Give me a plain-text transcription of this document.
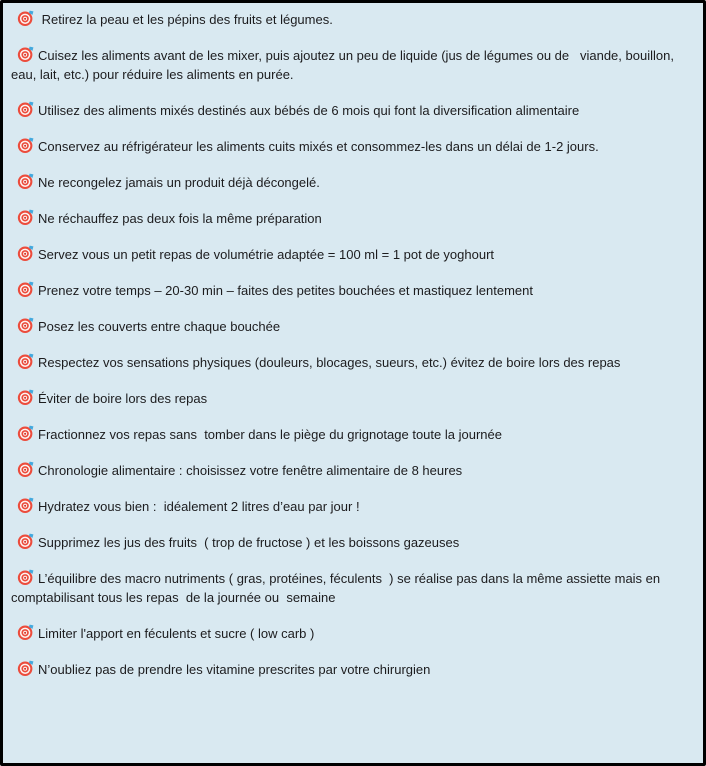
Retirez la peau et les pépins des fruits et légumes.

Cuisez les aliments avant de les mixer, puis ajoutez un peu de liquide (jus de légumes ou de   viande, bouillon, eau, lait, etc.) pour réduire les aliments en purée.

Utilisez des aliments mixés destinés aux bébés de 6 mois qui font la diversification alimentaire

Conservez au réfrigérateur les aliments cuits mixés et consommez-les dans un délai de 1-2 jours.

Ne recongelez jamais un produit déjà décongelé.

Ne réchauffez pas deux fois la même préparation

Servez vous un petit repas de volumétrie adaptée = 100 ml = 1 pot de yoghourt

Prenez votre temps – 20-30 min – faites des petites bouchées et mastiquez lentement

Posez les couverts entre chaque bouchée

Respectez vos sensations physiques (douleurs, blocages, sueurs, etc.) évitez de boire lors des repas

Éviter de boire lors des repas

Fractionnez vos repas sans  tomber dans le piège du grignotage toute la journée

Chronologie alimentaire : choisissez votre fenêtre alimentaire de 8 heures

Hydratez vous bien :  idéalement 2 litres d’eau par jour !

Supprimez les jus des fruits  ( trop de fructose ) et les boissons gazeuses

L’équilibre des macro nutriments ( gras, protéines, féculents  ) se réalise pas dans la même assiette mais en comptabilisant tous les repas  de la journée ou  semaine

Limiter l'apport en féculents et sucre ( low carb )

N’oubliez pas de prendre les vitamine prescrites par votre chirurgien
